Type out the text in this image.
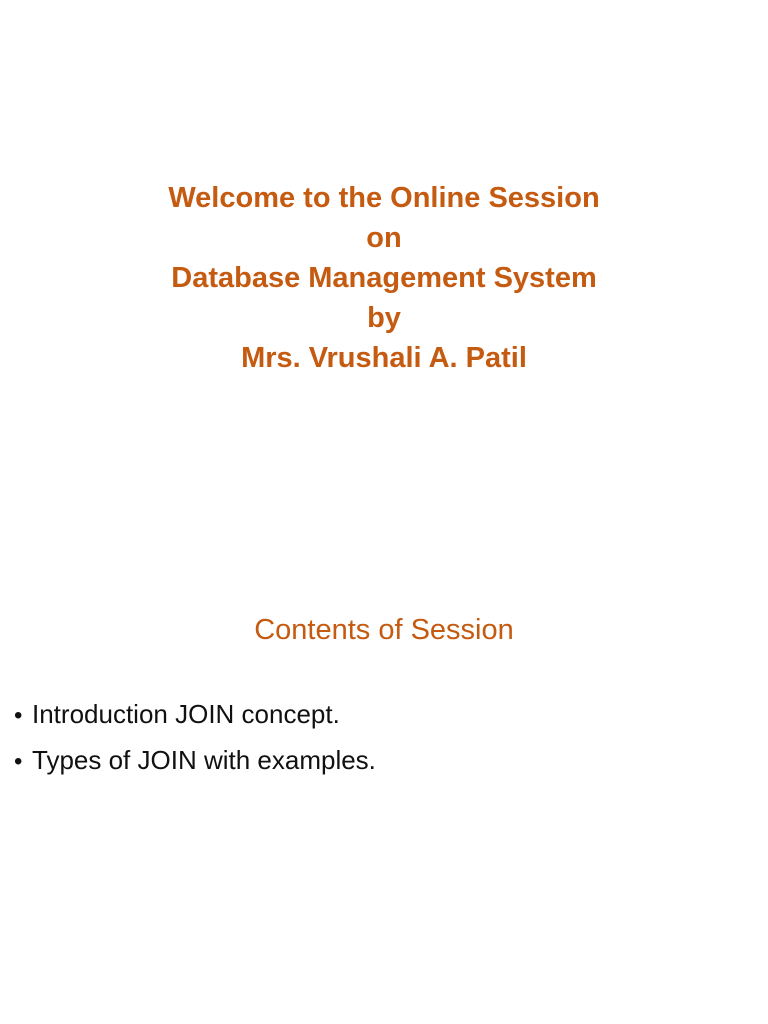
Welcome to the Online Session
on
Database Management System
by
Mrs. Vrushali A. Patil
Contents of Session
• Introduction JOIN concept.
• Types of JOIN with examples.
